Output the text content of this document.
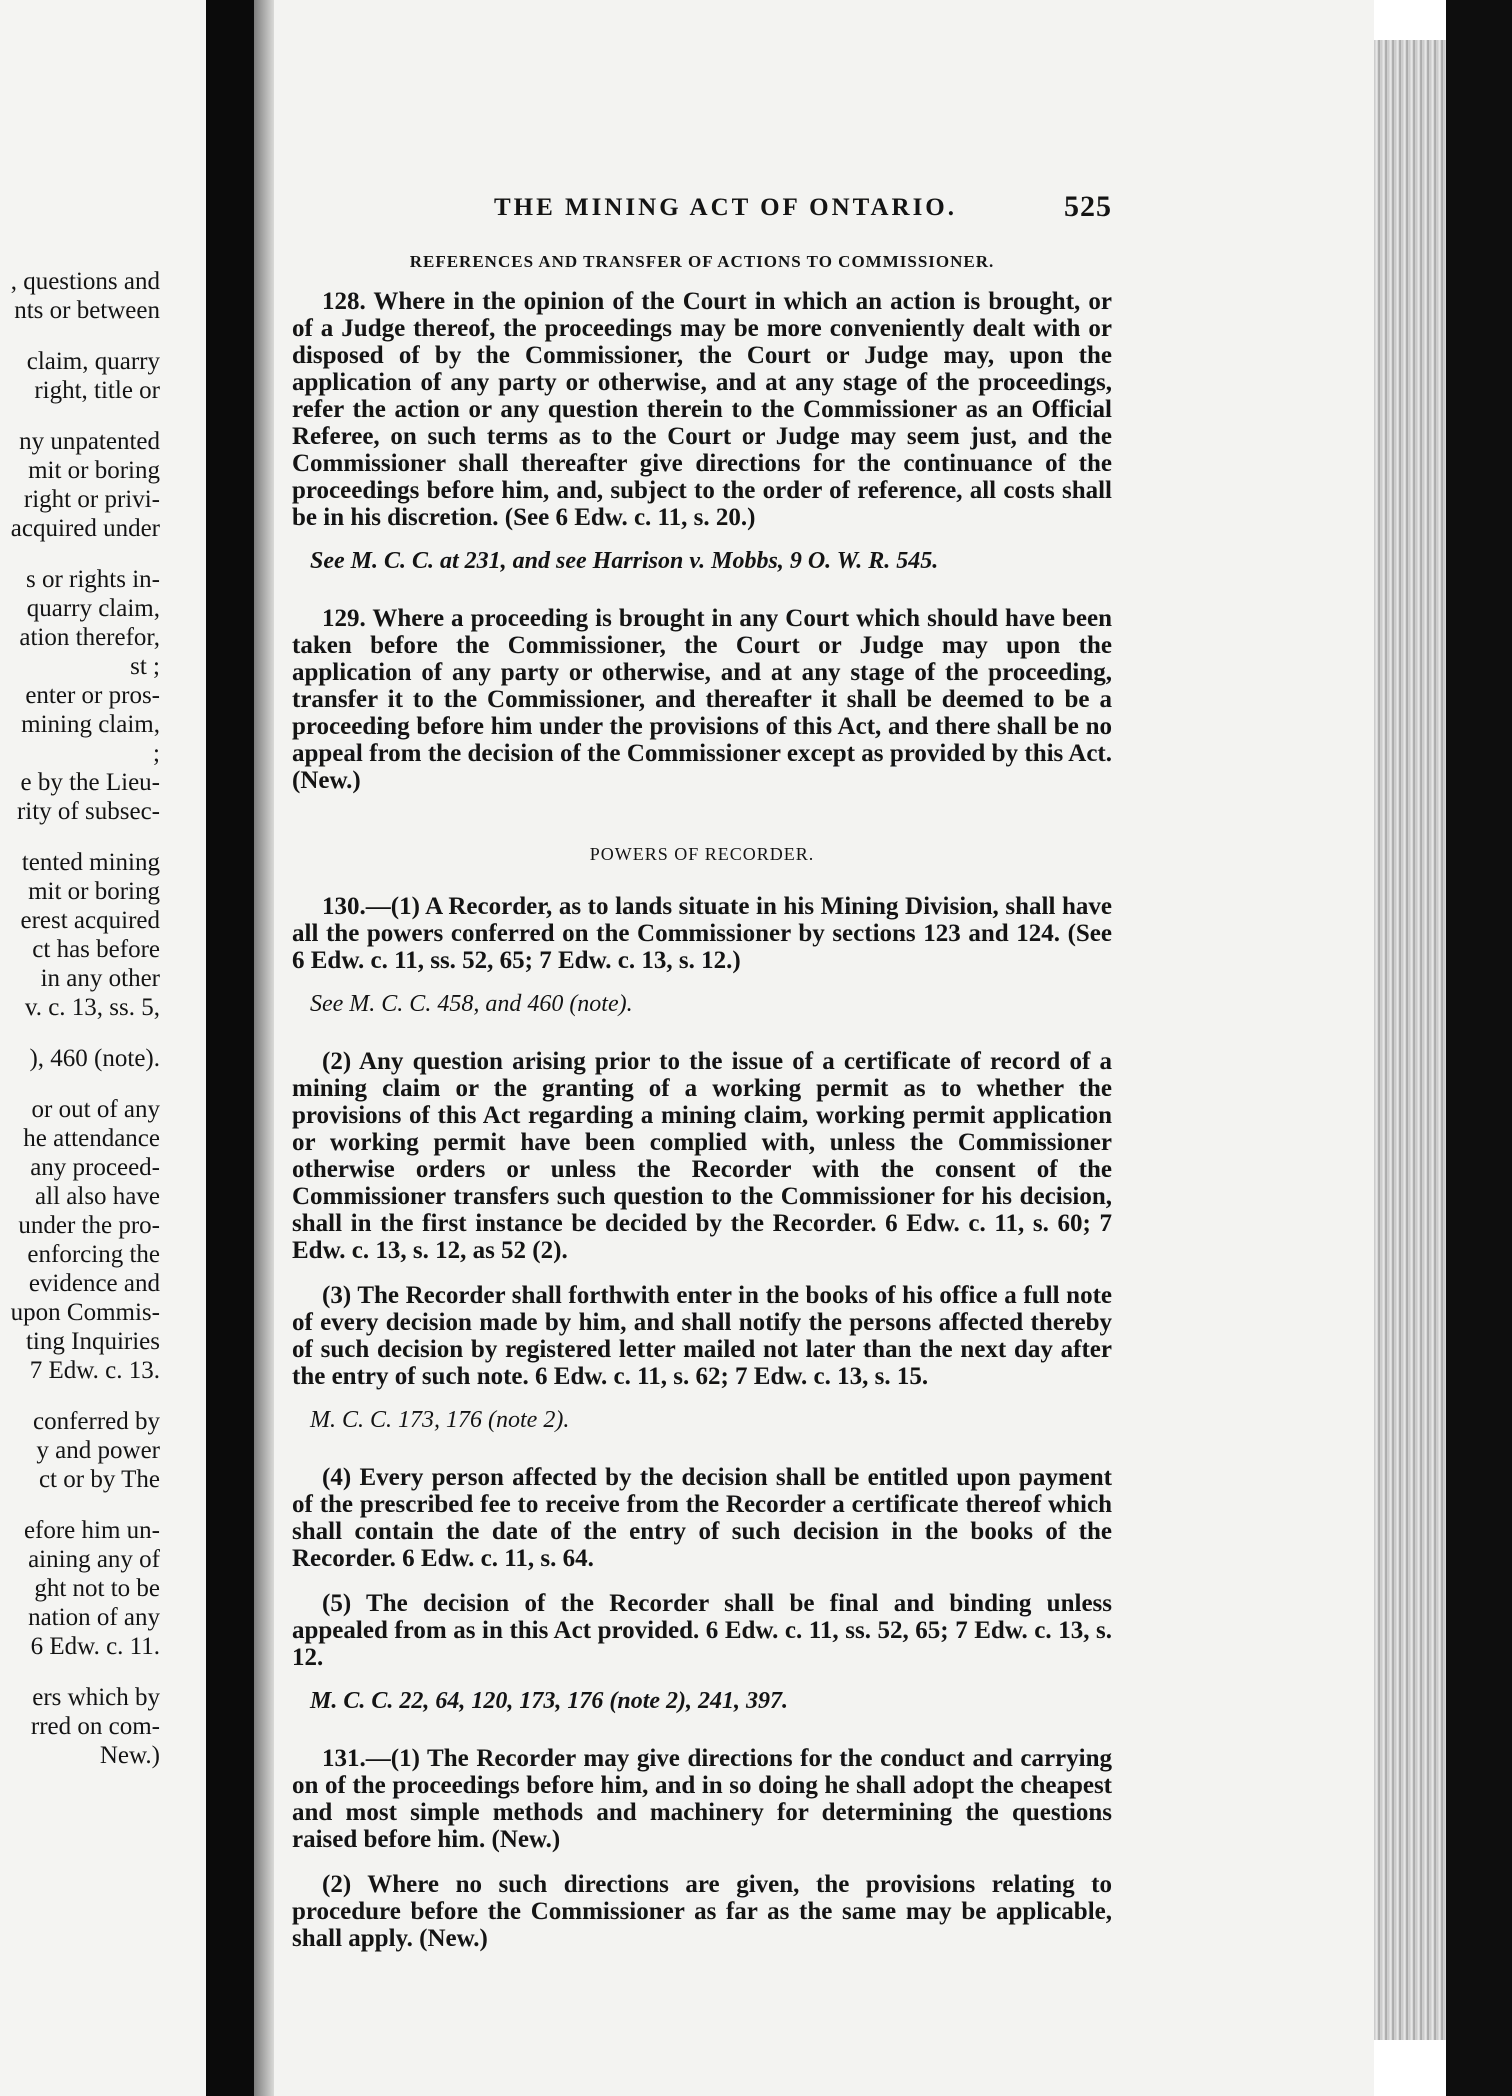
, questions and
nts or between
claim, quarry
right, title or
ny unpatented
mit or boring
right or privi-
acquired under
s or rights in-
quarry claim,
ation therefor,
st ;
enter or pros-
mining claim,
;
e by the Lieu-
rity of subsec-
tented mining
mit or boring
erest acquired
ct has before
in any other
v. c. 13, ss. 5,
), 460 (note).
or out of any
he attendance
any proceed-
all also have
under the pro-
enforcing the
evidence and
upon Commis-
ting Inquiries
7 Edw. c. 13.
conferred by
y and power
ct or by The
efore him un-
aining any of
ght not to be
nation of any
6 Edw. c. 11.
ers which by
rred on com-
New.)
THE MINING ACT OF ONTARIO.	525
REFERENCES AND TRANSFER OF ACTIONS TO COMMISSIONER.

128. Where in the opinion of the Court in which an action is brought, or of a Judge thereof, the proceedings may be more conveniently dealt with or disposed of by the Commissioner, the Court or Judge may, upon the application of any party or otherwise, and at any stage of the proceedings, refer the action or any question therein to the Commissioner as an Official Referee, on such terms as to the Court or Judge may seem just, and the Commissioner shall thereafter give directions for the continuance of the proceedings before him, and, subject to the order of reference, all costs shall be in his discretion. (See 6 Edw. c. 11, s. 20.)

See M. C. C. at 231, and see Harrison v. Mobbs, 9 O. W. R. 545.

129. Where a proceeding is brought in any Court which should have been taken before the Commissioner, the Court or Judge may upon the application of any party or otherwise, and at any stage of the proceeding, transfer it to the Commissioner, and thereafter it shall be deemed to be a proceeding before him under the provisions of this Act, and there shall be no appeal from the decision of the Commissioner except as provided by this Act. (New.)

POWERS OF RECORDER.

130.—(1) A Recorder, as to lands situate in his Mining Division, shall have all the powers conferred on the Commissioner by sections 123 and 124. (See 6 Edw. c. 11, ss. 52, 65; 7 Edw. c. 13, s. 12.)

See M. C. C. 458, and 460 (note).

(2) Any question arising prior to the issue of a certificate of record of a mining claim or the granting of a working permit as to whether the provisions of this Act regarding a mining claim, working permit application or working permit have been complied with, unless the Commissioner otherwise orders or unless the Recorder with the consent of the Commissioner transfers such question to the Commissioner for his decision, shall in the first instance be decided by the Recorder. 6 Edw. c. 11, s. 60; 7 Edw. c. 13, s. 12, as 52 (2).

(3) The Recorder shall forthwith enter in the books of his office a full note of every decision made by him, and shall notify the persons affected thereby of such decision by registered letter mailed not later than the next day after the entry of such note. 6 Edw. c. 11, s. 62; 7 Edw. c. 13, s. 15.

M. C. C. 173, 176 (note 2).

(4) Every person affected by the decision shall be entitled upon payment of the prescribed fee to receive from the Recorder a certificate thereof which shall contain the date of the entry of such decision in the books of the Recorder. 6 Edw. c. 11, s. 64.

(5) The decision of the Recorder shall be final and binding unless appealed from as in this Act provided. 6 Edw. c. 11, ss. 52, 65; 7 Edw. c. 13, s. 12.

M. C. C. 22, 64, 120, 173, 176 (note 2), 241, 397.

131.—(1) The Recorder may give directions for the conduct and carrying on of the proceedings before him, and in so doing he shall adopt the cheapest and most simple methods and machinery for determining the questions raised before him. (New.)

(2) Where no such directions are given, the provisions relating to procedure before the Commissioner as far as the same may be applicable, shall apply. (New.)
